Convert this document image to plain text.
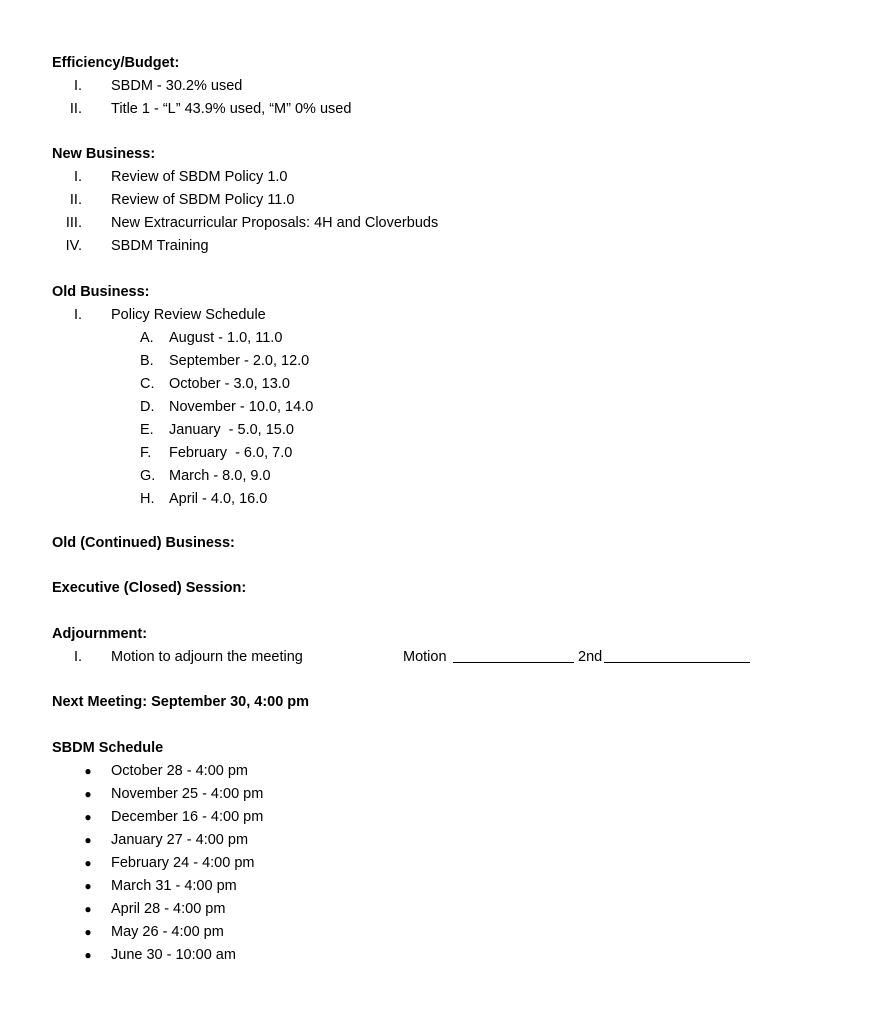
Efficiency/Budget:
I. SBDM - 30.2% used
II. Title 1 - “L” 43.9% used, “M” 0% used
New Business:
I. Review of SBDM Policy 1.0
II. Review of SBDM Policy 11.0
III. New Extracurricular Proposals: 4H and Cloverbuds
IV. SBDM Training
Old Business:
I. Policy Review Schedule
A. August - 1.0, 11.0
B. September - 2.0, 12.0
C. October - 3.0, 13.0
D. November - 10.0, 14.0
E. January  - 5.0, 15.0
F.	February  - 6.0, 7.0
G. March - 8.0, 9.0
H. April - 4.0, 16.0
Old (Continued) Business:
Executive (Closed) Session:
Adjournment:
I. Motion to adjourn the meeting	Motion	2nd
Next Meeting: September 30, 4:00 pm
SBDM Schedule
● October 28 - 4:00 pm
● November 25 - 4:00 pm
● December 16 - 4:00 pm
● January 27 - 4:00 pm
● February 24 - 4:00 pm
● March 31 - 4:00 pm
● April 28 - 4:00 pm
● May 26 - 4:00 pm
● June 30 - 10:00 am
